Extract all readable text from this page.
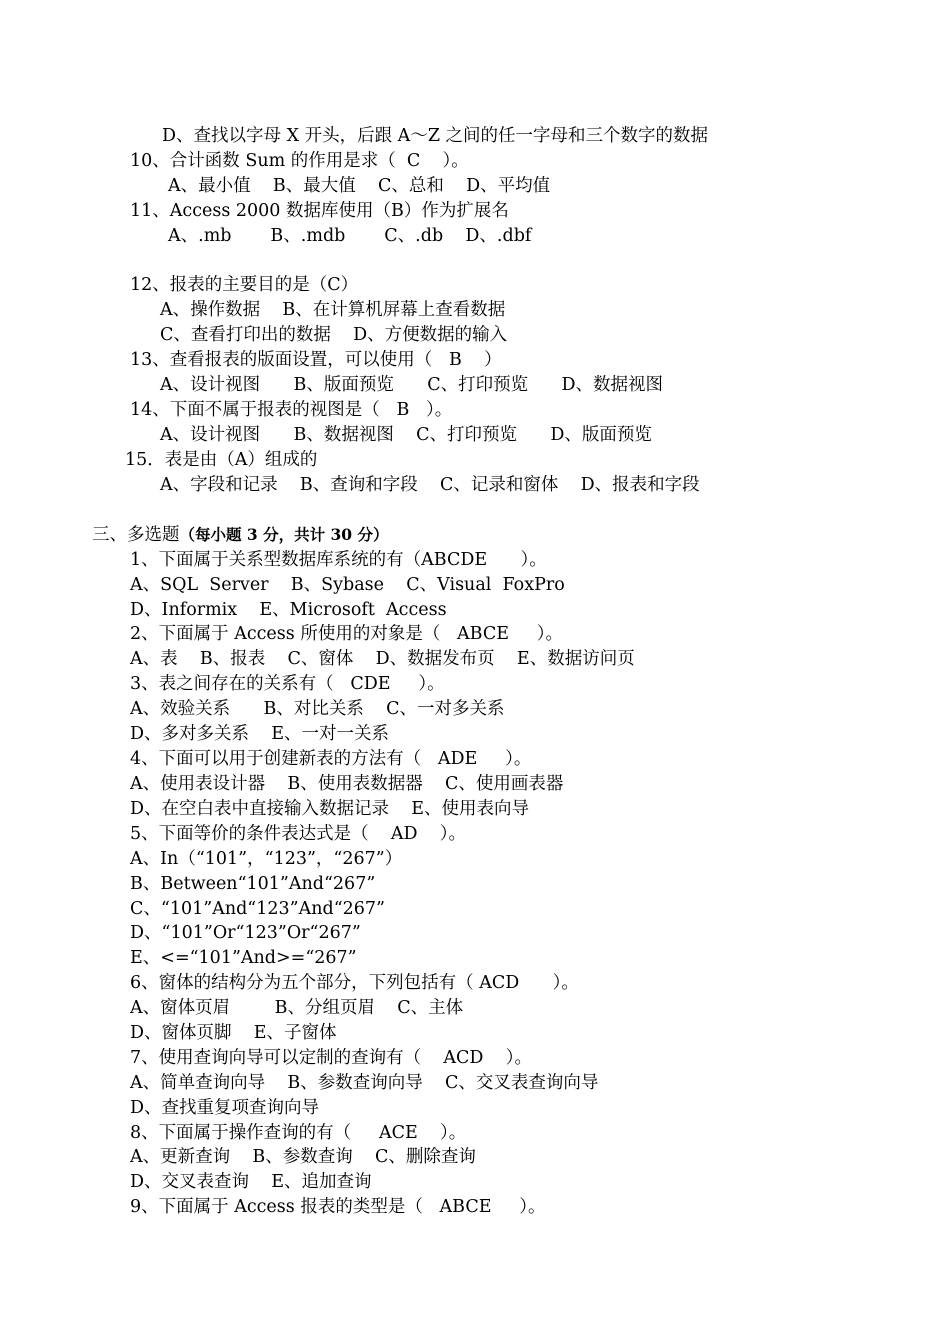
D、查找以字母 X 开头，后跟 A～Z 之间的任一字母和三个数字的数据
10、合计函数 Sum 的作用是求（  C    ）。
A、最小值    B、最大值    C、总和    D、平均值
11、Access 2000 数据库使用（B）作为扩展名
A、.mb       B、.mdb       C、.db    D、.dbf
12、报表的主要目的是（C）
A、操作数据    B、在计算机屏幕上查看数据
C、查看打印出的数据    D、方便数据的输入
13、查看报表的版面设置，可以使用（   B    ）
A、设计视图      B、版面预览      C、打印预览      D、数据视图
14、下面不属于报表的视图是（   B   ）。
A、设计视图      B、数据视图    C、打印预览      D、版面预览
15．表是由（A）组成的
A、字段和记录    B、查询和字段    C、记录和窗体    D、报表和字段
三、多选题（每小题 3 分，共计 30 分）
1、下面属于关系型数据库系统的有（ABCDE      ）。
A、SQL  Server    B、Sybase    C、Visual  FoxPro
D、Informix    E、Microsoft  Access
2、下面属于 Access 所使用的对象是（   ABCE     ）。
A、表    B、报表    C、窗体    D、数据发布页    E、数据访问页
3、表之间存在的关系有（   CDE     ）。
A、效验关系      B、对比关系    C、一对多关系
D、多对多关系    E、一对一关系
4、下面可以用于创建新表的方法有（   ADE     ）。
A、使用表设计器    B、使用表数据器    C、使用画表器
D、在空白表中直接输入数据记录    E、使用表向导
5、下面等价的条件表达式是（    AD    ）。
A、In（“101”，“123”，“267”）
B、Between“101”And“267”
C、“101”And“123”And“267”
D、“101”Or“123”Or“267”
E、<=“101”And>=“267”
6、窗体的结构分为五个部分，下列包括有（ ACD      ）。
A、窗体页眉        B、分组页眉    C、主体
D、窗体页脚    E、子窗体
7、使用查询向导可以定制的查询有（    ACD    ）。
A、简单查询向导    B、参数查询向导    C、交叉表查询向导
D、查找重复项查询向导
8、下面属于操作查询的有（     ACE    ）。
A、更新查询    B、参数查询    C、删除查询
D、交叉表查询    E、追加查询
9、下面属于 Access 报表的类型是（   ABCE     ）。
